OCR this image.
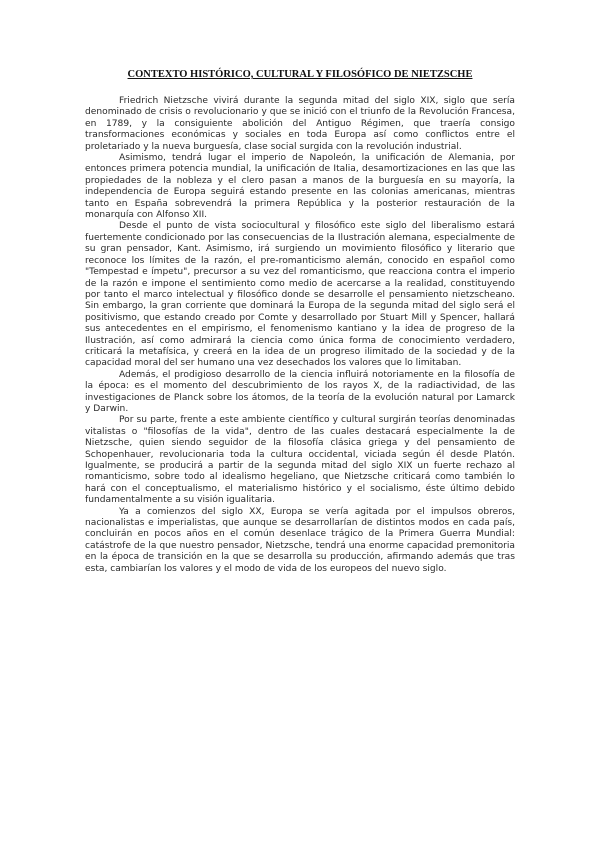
CONTEXTO HISTÓRICO, CULTURAL Y FILOSÓFICO DE NIETZSCHE

Friedrich Nietzsche vivirá durante la segunda mitad del siglo XIX, siglo que sería denominado de crisis o revolucionario y que se inició con el triunfo de la Revolución Francesa, en 1789, y la consiguiente abolición del Antiguo Régimen, que traería consigo transformaciones económicas y sociales en toda Europa así como conflictos entre el proletariado y la nueva burguesía, clase social surgida con la revolución industrial.

Asimismo, tendrá lugar el imperio de Napoleón, la unificación de Alemania, por entonces primera potencia mundial, la unificación de Italia, desamortizaciones en las que las propiedades de la nobleza y el clero pasan a manos de la burguesía en su mayoría, la independencia de Europa seguirá estando presente en las colonias americanas, mientras tanto en España sobrevendrá la primera República y la posterior restauración de la monarquía con Alfonso XII.

Desde el punto de vista sociocultural y filosófico este siglo del liberalismo estará fuertemente condicionado por las consecuencias de la Ilustración alemana, especialmente de su gran pensador, Kant. Asimismo, irá surgiendo un movimiento filosófico y literario que reconoce los límites de la razón, el pre-romanticismo alemán, conocido en español como "Tempestad e ímpetu", precursor a su vez del romanticismo, que reacciona contra el imperio de la razón e impone el sentimiento como medio de acercarse a la realidad, constituyendo por tanto el marco intelectual y filosófico donde se desarrolle el pensamiento nietzscheano. Sin embargo, la gran corriente que dominará la Europa de la segunda mitad del siglo será el positivismo, que estando creado por Comte y desarrollado por Stuart Mill y Spencer, hallará sus antecedentes en el empirismo, el fenomenismo kantiano y la idea de progreso de la Ilustración, así como admirará la ciencia como única forma de conocimiento verdadero, criticará la metafísica, y creerá en la idea de un progreso ilimitado de la sociedad y de la capacidad moral del ser humano una vez desechados los valores que lo limitaban.

Además, el prodigioso desarrollo de la ciencia influirá notoriamente en la filosofía de la época: es el momento del descubrimiento de los rayos X, de la radiactividad, de las investigaciones de Planck sobre los átomos, de la teoría de la evolución natural por Lamarck y Darwin.

Por su parte, frente a este ambiente científico y cultural surgirán teorías denominadas vitalistas o "filosofías de la vida", dentro de las cuales destacará especialmente la de Nietzsche, quien siendo seguidor de la filosofía clásica griega y del pensamiento de Schopenhauer, revolucionaria toda la cultura occidental, viciada según él desde Platón. Igualmente, se producirá a partir de la segunda mitad del siglo XIX un fuerte rechazo al romanticismo, sobre todo al idealismo hegeliano, que Nietzsche criticará como también lo hará con el conceptualismo, el materialismo histórico y el socialismo, éste último debido fundamentalmente a su visión igualitaria.

Ya a comienzos del siglo XX, Europa se vería agitada por el impulsos obreros, nacionalistas e imperialistas, que aunque se desarrollarían de distintos modos en cada país, concluirán en pocos años en el común desenlace trágico de la Primera Guerra Mundial: catástrofe de la que nuestro pensador, Nietzsche, tendrá una enorme capacidad premonitoria en la época de transición en la que se desarrolla su producción, afirmando además que tras esta, cambiarían los valores y el modo de vida de los europeos del nuevo siglo.
